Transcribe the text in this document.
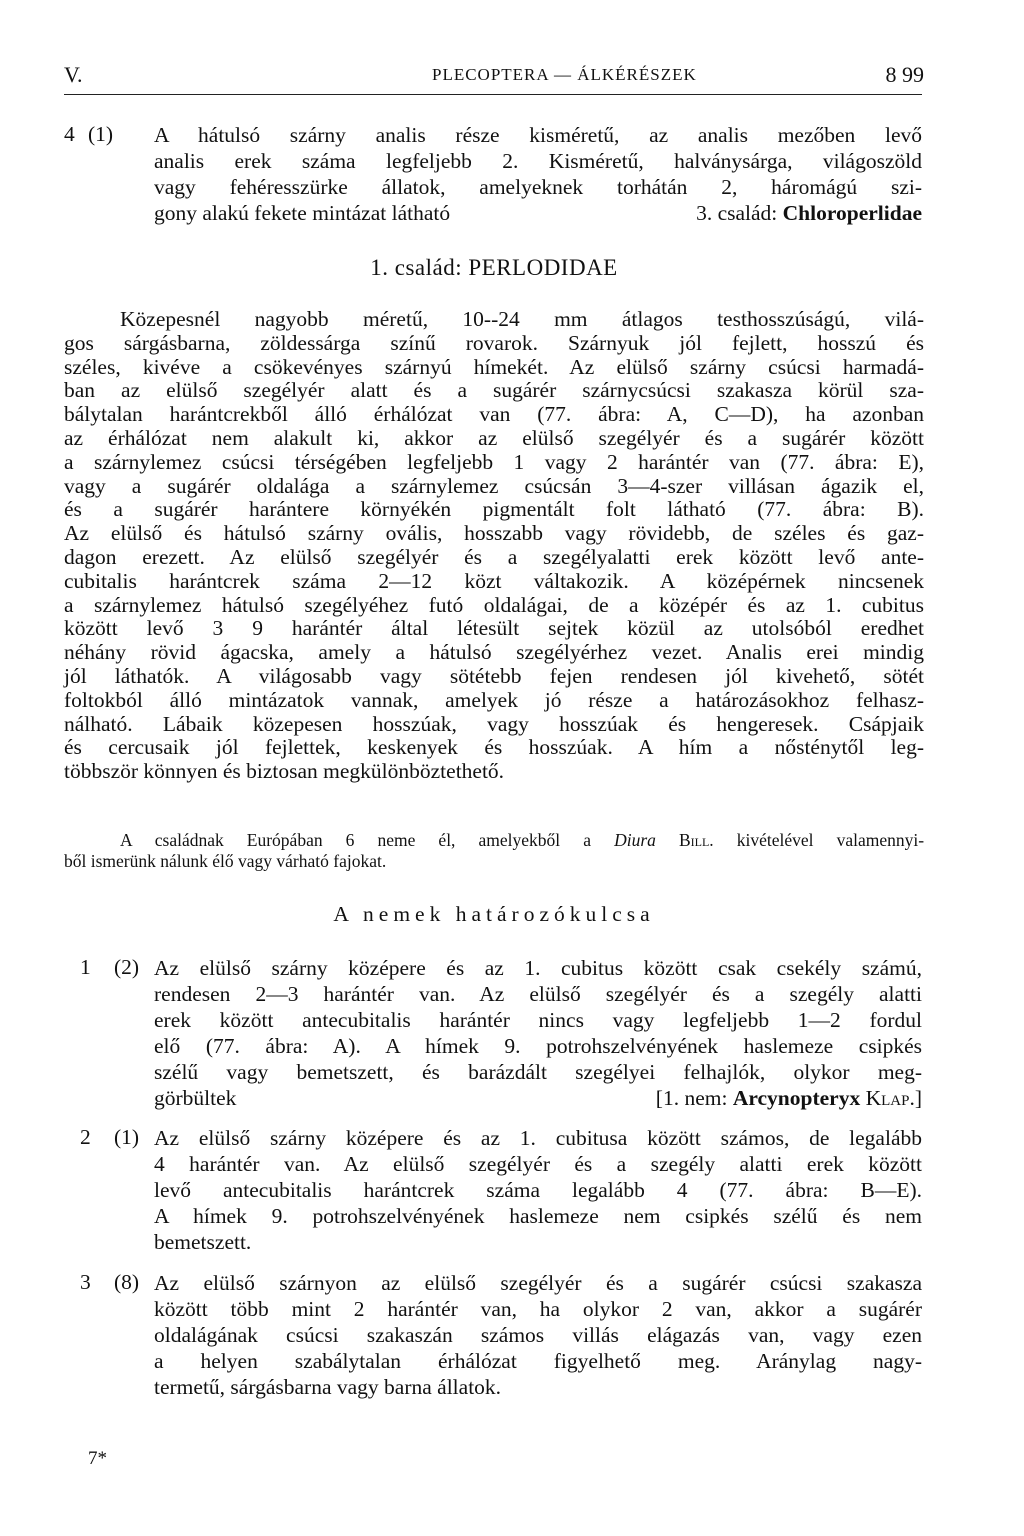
V.	PLECOPTERA — ÁLKÉRÉSZEK	8 99
4 (1) A hátulsó szárny analis része kisméretű, az analis mezőben levő

analis erek száma legfeljebb 2. Kisméretű, halványsárga, világoszöld

vagy fehéresszürke állatok, amelyeknek torhátán 2, háromágú szi-

gony alakú fekete mintázat látható	3. család: Chloroperlidae

1. család: PERLODIDAE

Közepesnél nagyobb méretű, 10--24 mm átlagos testhosszúságú, vilá-

gos sárgásbarna, zöldessárga színű rovarok. Szárnyuk jól fejlett, hosszú és

széles, kivéve a csökevényes szárnyú hímekét. Az elülső szárny csúcsi harmadá-

ban az elülső szegélyér alatt és a sugárér szárnycsúcsi szakasza körül sza-

bálytalan harántcrekből álló érhálózat van (77. ábra: A, C—D), ha azonban

az érhálózat nem alakult ki, akkor az elülső szegélyér és a sugárér között

a szárnylemez csúcsi térségében legfeljebb 1 vagy 2 harántér van (77. ábra: E),

vagy a sugárér oldalága a szárnylemez csúcsán 3—4-szer villásan ágazik el,

és a sugárér harántere környékén pigmentált folt látható (77. ábra: B).

Az elülső és hátulsó szárny ovális, hosszabb vagy rövidebb, de széles és gaz-

dagon erezett. Az elülső szegélyér és a szegélyalatti erek között levő ante-

cubitalis harántcrek száma 2—12 közt váltakozik. A középérnek nincsenek

a szárnylemez hátulsó szegélyéhez futó oldalágai, de a középér és az 1. cubitus

között levő 3 9 harántér által létesült sejtek közül az utolsóból eredhet

néhány rövid ágacska, amely a hátulsó szegélyérhez vezet. Analis erei mindig

jól láthatók. A világosabb vagy sötétebb fejen rendesen jól kivehető, sötét

foltokból álló mintázatok vannak, amelyek jó része a határozásokhoz felhasz-

nálható. Lábaik közepesen hosszúak, vagy hosszúak és hengeresek. Csápjaik

és cercusaik jól fejlettek, keskenyek és hosszúak. A hím a nősténytől leg-

többször könnyen és biztosan megkülönböztethető.

A családnak Európában 6 neme él, amelyekből a Diura Bill. kivételével valamennyi-

ből ismerünk nálunk élő vagy várható fajokat.

A nemek határozókulcsa
1 (2) Az elülső szárny középere és az 1. cubitus között csak csekély számú,

rendesen 2—3 harántér van. Az elülső szegélyér és a szegély alatti

erek között antecubitalis harántér nincs vagy legfeljebb 1—2 fordul

elő (77. ábra: A). A hímek 9. potrohszelvényének haslemeze csipkés

szélű vagy bemetszett, és barázdált szegélyei felhajlók, olykor meg-

görbültek	[1. nem: Arcynopteryx Klap.]

2 (1) Az elülső szárny középere és az 1. cubitusa között számos, de legalább

4 harántér van. Az elülső szegélyér és a szegély alatti erek között

levő antecubitalis harántcrek száma legalább 4 (77. ábra: B—E).

A hímek 9. potrohszelvényének haslemeze nem csipkés szélű és nem

bemetszett.

3 (8) Az elülső szárnyon az elülső szegélyér és a sugárér csúcsi szakasza

között több mint 2 harántér van, ha olykor 2 van, akkor a sugárér

oldalágának csúcsi szakaszán számos villás elágazás van, vagy ezen

a helyen szabálytalan érhálózat figyelhető meg. Aránylag nagy-

termetű, sárgásbarna vagy barna állatok.

7*
